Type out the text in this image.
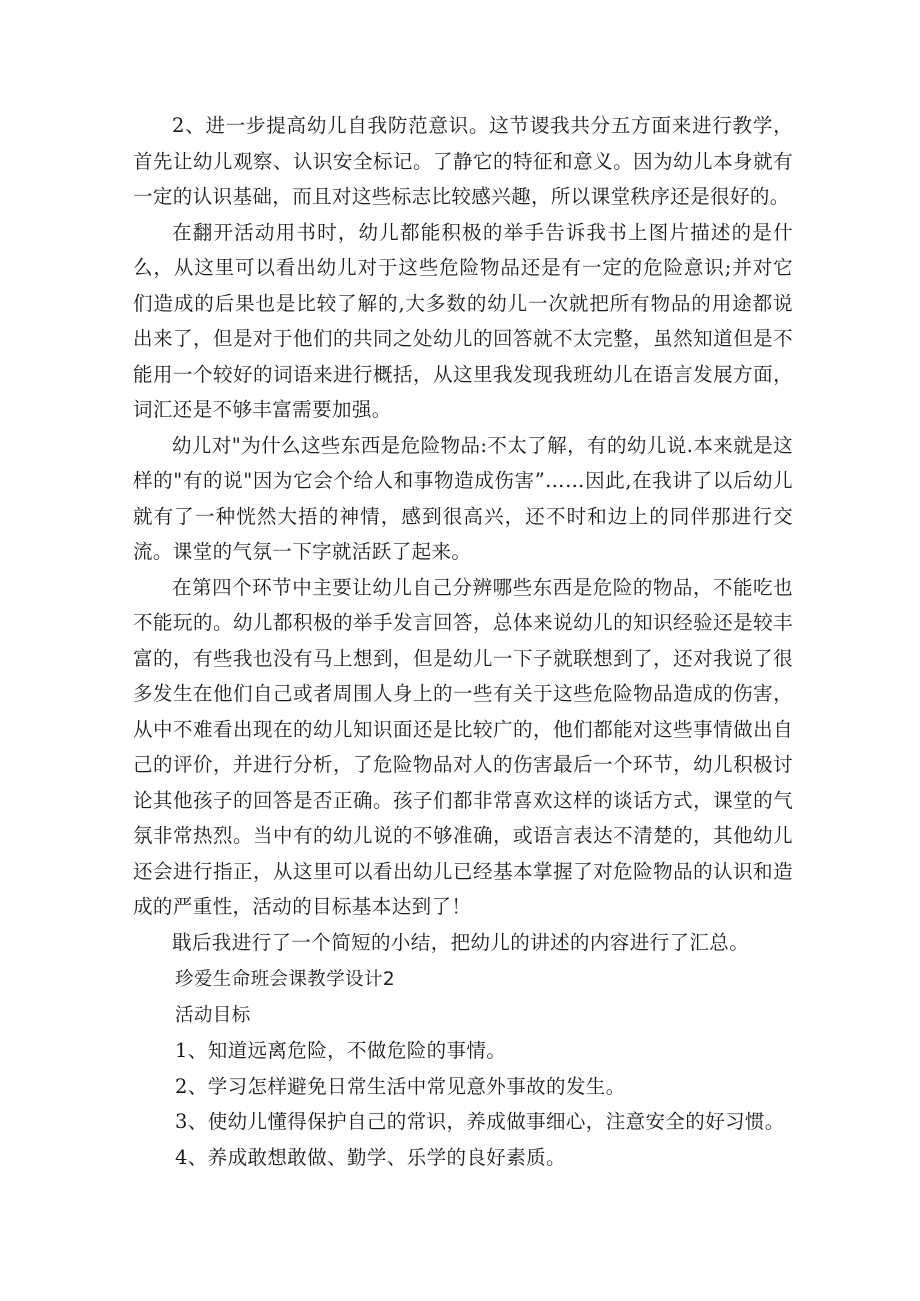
2、进一步提高幼儿自我防范意识。这节谡我共分五方面来进行教学，首先让幼儿观察、认识安全标记。了静它的特征和意义。因为幼儿本身就有一定的认识基础，而且对这些标志比较感兴趣，所以课堂秩序还是很好的。

在翻开活动用书时，幼儿都能积极的举手告诉我书上图片描述的是什么，从这里可以看出幼儿对于这些危险物品还是有一定的危险意识;并对它们造成的后果也是比较了解的,大多数的幼儿一次就把所有物品的用途都说出来了，但是对于他们的共同之处幼儿的回答就不太完整，虽然知道但是不能用一个较好的词语来进行概括，从这里我发现我班幼儿在语言发展方面，词汇还是不够丰富需要加强。

幼儿对"为什么这些东西是危险物品:不太了解，有的幼儿说.本来就是这样的"有的说"因为它会个给人和事物造成伤害”……因此,在我讲了以后幼儿就有了一种恍然大捂的神情，感到很高兴，还不时和边上的同伴那进行交流。课堂的气氛一下字就活跃了起来。

在第四个环节中主要让幼儿自己分辨哪些东西是危险的物品，不能吃也不能玩的。幼儿都积极的举手发言回答，总体来说幼儿的知识经验还是较丰富的，有些我也没有马上想到，但是幼儿一下子就联想到了，还对我说了很多发生在他们自己或者周围人身上的一些有关于这些危险物品造成的伤害，从中不难看出现在的幼儿知识面还是比较广的，他们都能对这些事情做出自己的评价，并进行分析，了危险物品对人的伤害最后一个环节，幼儿积极讨论其他孩子的回答是否正确。孩子们都非常喜欢这样的谈话方式，课堂的气氛非常热烈。当中有的幼儿说的不够准确，或语言表达不清楚的，其他幼儿还会进行指正，从这里可以看出幼儿已经基本掌握了对危险物品的认识和造成的严重性，活动的目标基本达到了！

戢后我进行了一个简短的小结，把幼儿的讲述的内容进行了汇总。

珍爱生命班会课教学设计2

活动目标

1、知道远离危险，不做危险的事情。

2、学习怎样避免日常生活中常见意外事故的发生。

3、使幼儿懂得保护自己的常识，养成做事细心，注意安全的好习惯。

4、养成敢想敢做、勤学、乐学的良好素质。
